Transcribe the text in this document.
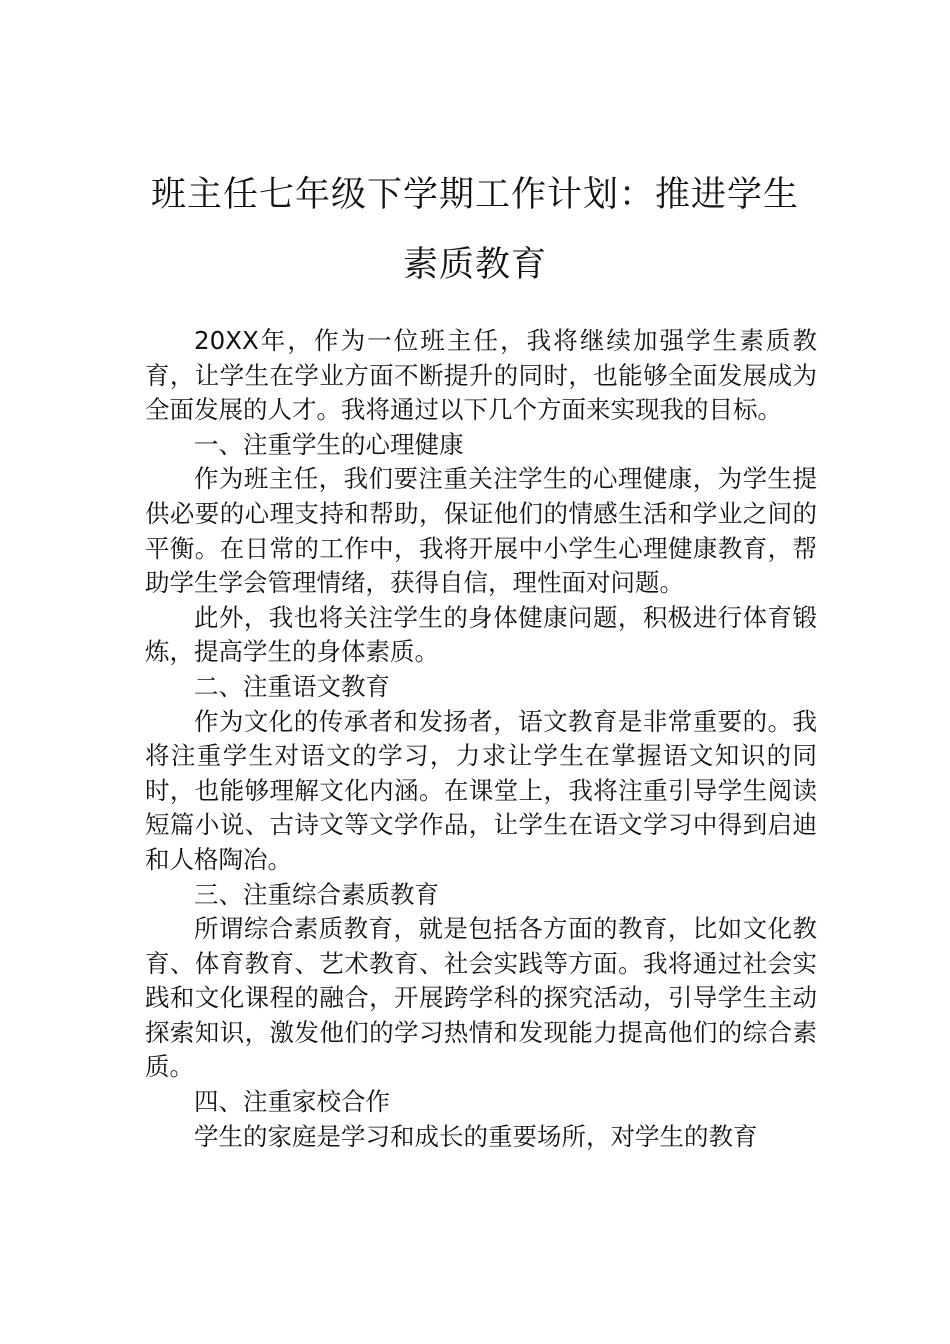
班主任七年级下学期工作计划：推进学生
素质教育

20XX年，作为一位班主任，我将继续加强学生素质教育，让学生在学业方面不断提升的同时，也能够全面发展成为全面发展的人才。我将通过以下几个方面来实现我的目标。

一、注重学生的心理健康

作为班主任，我们要注重关注学生的心理健康，为学生提供必要的心理支持和帮助，保证他们的情感生活和学业之间的平衡。在日常的工作中，我将开展中小学生心理健康教育，帮助学生学会管理情绪，获得自信，理性面对问题。

此外，我也将关注学生的身体健康问题，积极进行体育锻炼，提高学生的身体素质。

二、注重语文教育

作为文化的传承者和发扬者，语文教育是非常重要的。我将注重学生对语文的学习，力求让学生在掌握语文知识的同时，也能够理解文化内涵。在课堂上，我将注重引导学生阅读短篇小说、古诗文等文学作品，让学生在语文学习中得到启迪和人格陶冶。

三、注重综合素质教育

所谓综合素质教育，就是包括各方面的教育，比如文化教育、体育教育、艺术教育、社会实践等方面。我将通过社会实践和文化课程的融合，开展跨学科的探究活动，引导学生主动探索知识，激发他们的学习热情和发现能力提高他们的综合素质。

四、注重家校合作

学生的家庭是学习和成长的重要场所，对学生的教育
